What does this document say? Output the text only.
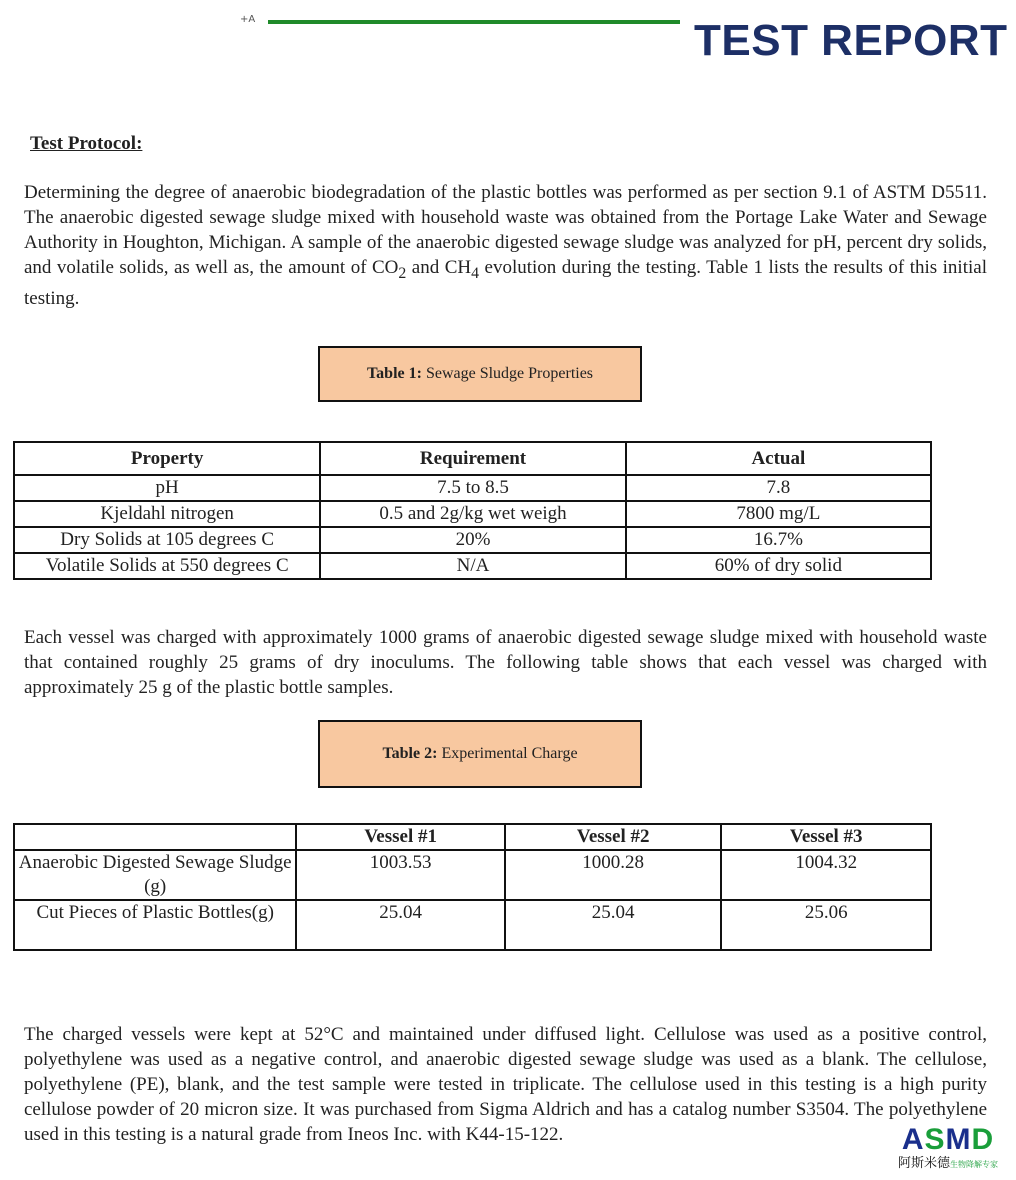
+A	TEST REPORT
Test Protocol:
Determining the degree of anaerobic biodegradation of the plastic bottles was performed as per section 9.1 of ASTM D5511. The anaerobic digested sewage sludge mixed with household waste was obtained from the Portage Lake Water and Sewage Authority in Houghton, Michigan. A sample of the anaerobic digested sewage sludge was analyzed for pH, percent dry solids, and volatile solids, as well as, the amount of $CO_2$ and $CH_4$ evolution during the testing. Table 1 lists the results of this initial testing.
Table 1: Sewage Sludge Properties
Property	Requirement	Actual
pH	7.5 to 8.5	7.8
Kjeldahl nitrogen	0.5 and 2g/kg wet weigh	7800 mg/L
Dry Solids at 105 degrees C	20%	16.7%
Volatile Solids at 550 degrees C	N/A	60% of dry solid
Each vessel was charged with approximately 1000 grams of anaerobic digested sewage sludge mixed with household waste that contained roughly 25 grams of dry inoculums. The following table shows that each vessel was charged with approximately 25 g of the plastic bottle samples.
Table 2: Experimental Charge
	Vessel #1	Vessel #2	Vessel #3
Anaerobic Digested Sewage Sludge (g)	1003.53	1000.28	1004.32
Cut Pieces of Plastic Bottles(g)	25.04	25.04	25.06
The charged vessels were kept at 52°C and maintained under diffused light. Cellulose was used as a positive control, polyethylene was used as a negative control, and anaerobic digested sewage sludge was used as a blank. The cellulose, polyethylene (PE), blank, and the test sample were tested in triplicate. The cellulose used in this testing is a high purity cellulose powder of 20 micron size. It was purchased from Sigma Aldrich and has a catalog number S3504. The polyethylene used in this testing is a natural grade from Ineos Inc. with K44-15-122.	ASMD
阿斯米德生物降解专家
